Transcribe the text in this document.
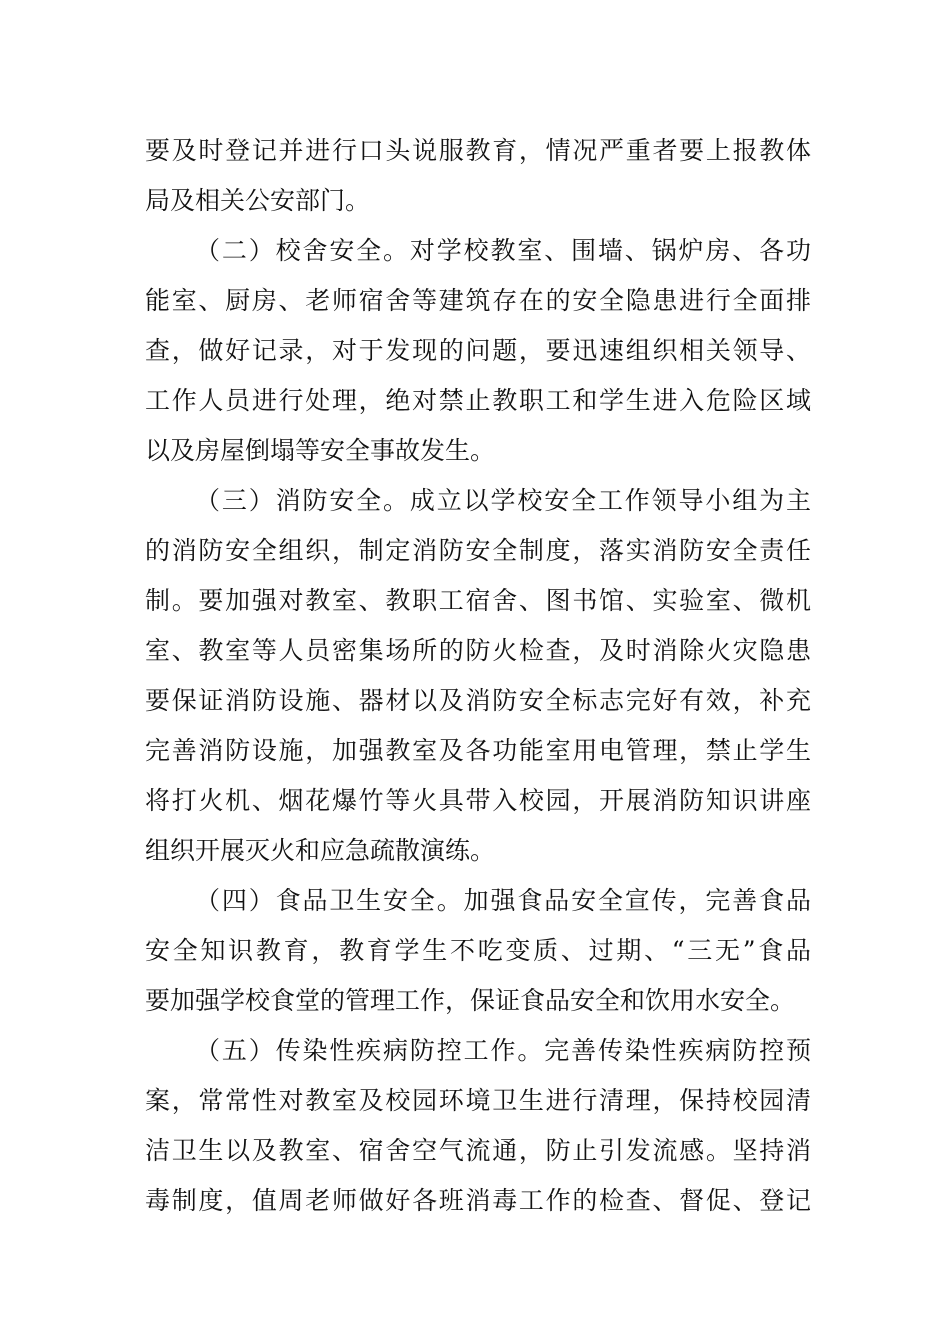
要及时登记并进行口头说服教育，情况严重者要上报教体
局及相关公安部门。
（二）校舍安全。对学校教室、围墙、锅炉房、各功
能室、厨房、老师宿舍等建筑存在的安全隐患进行全面排
查，做好记录，对于发现的问题，要迅速组织相关领导、
工作人员进行处理，绝对禁止教职工和学生进入危险区域
以及房屋倒塌等安全事故发生。
（三）消防安全。成立以学校安全工作领导小组为主
的消防安全组织，制定消防安全制度，落实消防安全责任
制。要加强对教室、教职工宿舍、图书馆、实验室、微机
室、教室等人员密集场所的防火检查，及时消除火灾隐患
要保证消防设施、器材以及消防安全标志完好有效，补充
完善消防设施，加强教室及各功能室用电管理，禁止学生
将打火机、烟花爆竹等火具带入校园，开展消防知识讲座
组织开展灭火和应急疏散演练。
（四）食品卫生安全。加强食品安全宣传，完善食品
安全知识教育，教育学生不吃变质、过期、“三无”食品
要加强学校食堂的管理工作，保证食品安全和饮用水安全。
（五）传染性疾病防控工作。完善传染性疾病防控预
案，常常性对教室及校园环境卫生进行清理，保持校园清
洁卫生以及教室、宿舍空气流通，防止引发流感。坚持消
毒制度，值周老师做好各班消毒工作的检查、督促、登记
